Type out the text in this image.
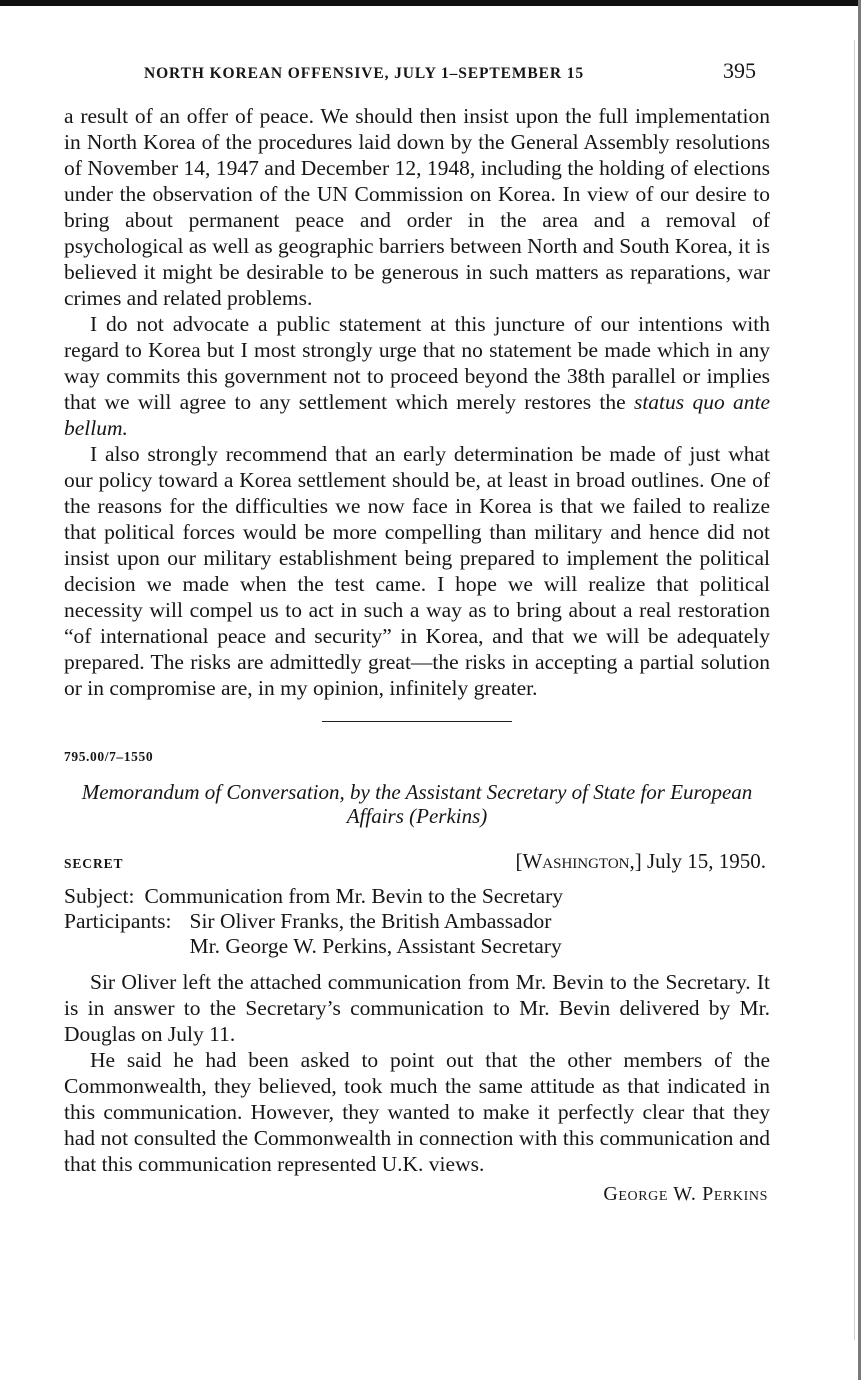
NORTH KOREAN OFFENSIVE, JULY 1–SEPTEMBER 15	395

a result of an offer of peace. We should then insist upon the full implementation in North Korea of the procedures laid down by the General Assembly resolutions of November 14, 1947 and December 12, 1948, including the holding of elections under the observation of the UN Commission on Korea. In view of our desire to bring about permanent peace and order in the area and a removal of psychological as well as geographic barriers between North and South Korea, it is believed it might be desirable to be generous in such matters as reparations, war crimes and related problems.

I do not advocate a public statement at this juncture of our intentions with regard to Korea but I most strongly urge that no statement be made which in any way commits this government not to proceed beyond the 38th parallel or implies that we will agree to any settlement which merely restores the status quo ante bellum.

I also strongly recommend that an early determination be made of just what our policy toward a Korea settlement should be, at least in broad outlines. One of the reasons for the difficulties we now face in Korea is that we failed to realize that political forces would be more compelling than military and hence did not insist upon our military establishment being prepared to implement the political decision we made when the test came. I hope we will realize that political necessity will compel us to act in such a way as to bring about a real restoration “of international peace and security” in Korea, and that we will be adequately prepared. The risks are admittedly great—the risks in accepting a partial solution or in compromise are, in my opinion, infinitely greater.

795.00/7–1550
Memorandum of Conversation, by the Assistant Secretary of State for European Affairs (Perkins)
SECRET	[Washington,] July 15, 1950.
Subject: Communication from Mr. Bevin to the Secretary
Participants: Sir Oliver Franks, the British Ambassador
Mr. George W. Perkins, Assistant Secretary

Sir Oliver left the attached communication from Mr. Bevin to the Secretary. It is in answer to the Secretary’s communication to Mr. Bevin delivered by Mr. Douglas on July 11.

He said he had been asked to point out that the other members of the Commonwealth, they believed, took much the same attitude as that indicated in this communication. However, they wanted to make it perfectly clear that they had not consulted the Commonwealth in connection with this communication and that this communication represented U.K. views.

George W. Perkins
